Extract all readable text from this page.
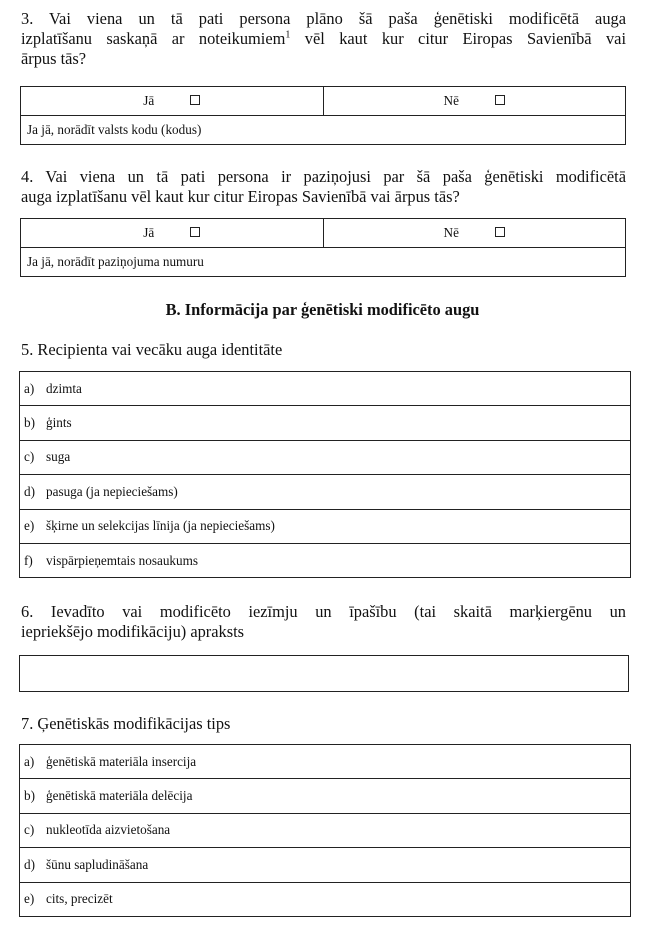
3. Vai viena un tā pati persona plāno šā paša ģenētiski modificētā auga
izplatīšanu saskaņā ar noteikumiem$^1$ vēl kaut kur citur Eiropas Savienībā vai
ārpus tās?
Jā	Nē
Ja jā, norādīt valsts kodu (kodus)
4. Vai viena un tā pati persona ir paziņojusi par šā paša ģenētiski modificētā
auga izplatīšanu vēl kaut kur citur Eiropas Savienībā vai ārpus tās?
Jā	Nē
Ja jā, norādīt paziņojuma numuru
B. Informācija par ģenētiski modificēto augu
5. Recipienta vai vecāku auga identitāte
a) dzimta
b) ģints
c) suga
d) pasuga (ja nepieciešams)
e) šķirne un selekcijas līnija (ja nepieciešams)
f) vispārpieņemtais nosaukums
6. Ievadīto vai modificēto iezīmju un īpašību (tai skaitā marķiergēnu un
iepriekšējo modifikāciju) apraksts
7. Ģenētiskās modifikācijas tips
a) ģenētiskā materiāla insercija
b) ģenētiskā materiāla delēcija
c) nukleotīda aizvietošana
d) šūnu sapludināšana
e) cits, precizēt
